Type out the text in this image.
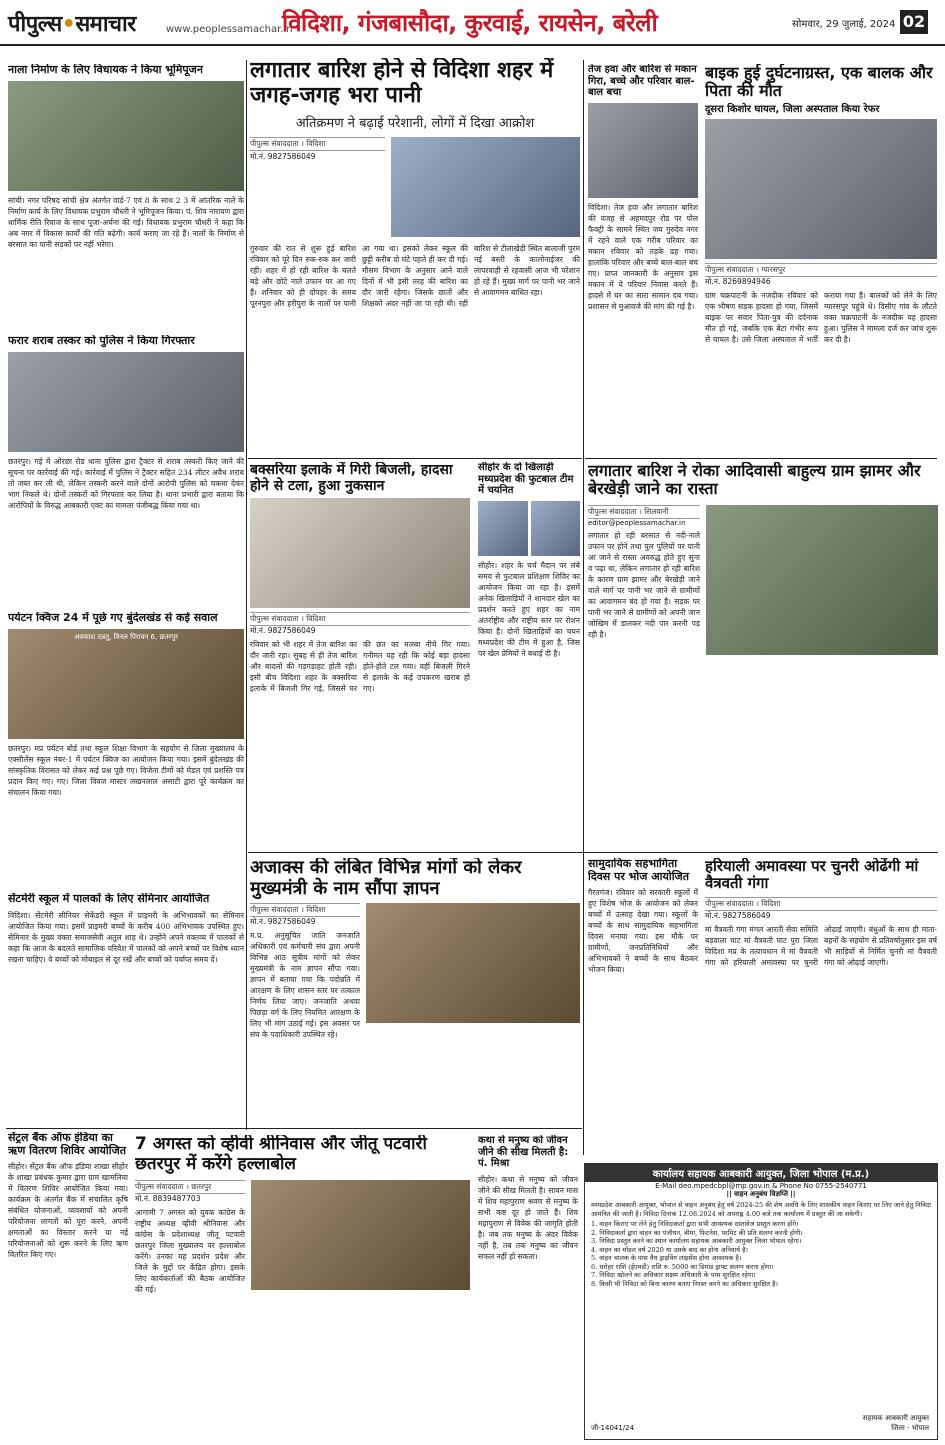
पीपुल्स•समाचार	www.peoplessamachar.in
विदिशा, गंजबासौदा, कुरवाई, रायसेन, बरेली	सोमवार, 29 जुलाई, 2024 02
नाला निर्माण के लिए विधायक ने किया भूमिपूजन
सांची। नगर परिषद सांची क्षेत्र अंतर्गत वार्ड-7 एवं 8 के साथ 2 3 में आंतरिक नाले के निर्माण कार्य के लिए विधायक प्रभुराम चौधरी ने भूमिपूजन किया। पं. शिव नारायण द्वारा धार्मिक रीति रिवाज के साथ पूजा-अर्चना की गई। विधायक प्रभुराम चौधरी ने कहा कि अब नगर में विकास कार्यों की गति बढ़ेगी। कार्य कराए जा रहे हैं। नालों के निर्माण से बरसात का पानी सड़कों पर नहीं भरेगा।
फरार शराब तस्कर को पुलिस ने किया गिरफ्तार
छतरपुर। गई में ओरछा रोड थाना पुलिस द्वारा ट्रैक्टर से शराब तस्करी किए जाने की सूचना पर कार्रवाई की गई। कार्रवाई में पुलिस ने ट्रैक्टर सहित 234 लीटर अवैध शराब तो जब्त कर ली थी, लेकिन तस्करी करने वाले दोनों आरोपी पुलिस को चकमा देकर भाग निकले थे। दोनों तस्करों को गिरफ्तार कर लिया है। थाना प्रभारी द्वारा बताया कि आरोपियों के विरुद्ध आबकारी एक्ट का मामला पंजीबद्ध किया गया था।
पर्यटन क्विज 24 में पूछे गए बुंदेलखंड से कई सवाल
अवकाश दन्नतू, विनल पिरावन 6, छतरपुर
छतरपुर। मप्र पर्यटन बोर्ड तथा स्कूल शिक्षा विभाग के सहयोग से जिला मुख्यालय के एक्सीलेंस स्कूल नंबर-1 में पर्यटन क्विज का आयोजन किया गया। इसमें बुंदेलखंड की सांस्कृतिक विरासत को लेकर कई प्रश्न पूछे गए। विजेता टीमों को मेडल एवं प्रशस्ति पत्र प्रदान किए गए। गए। जिला विवज मास्टर लखनलाल असाटी द्वारा पूरे कार्यक्रम का संचालन किया गया।
सेंटमेरी स्कूल में पालकों के लिए सेमिनार आयोजित
विदिशा। सेंटमेरी सीनियर सेकेंडरी स्कूल में प्राइमरी के अभिभावकों का सेमिनार आयोजित किया गया। इसमें प्राइमरी बच्चों के करीब 400 अभिभावक उपस्थित हुए। सेमिनार के मुख्य वक्ता समाजसेवी अतुल शाह थे। उन्होंने अपने वक्तव्य में पालकों से कहा कि आज के बदलते सामाजिक परिवेश में पालकों को अपने बच्चों पर विशेष ध्यान रखना चाहिए। वे बच्चों को मोबाइल से दूर रखें और बच्चों को पर्याप्त समय दें।
सेंट्रल बैंक ऑफ इंडिया का ऋण वितरण शिविर आयोजित
सीहोर। सेंट्रल बैंक ऑफ इंडिया शाखा सीहोर के शाखा प्रबंधक कुमार द्वारा ग्राम खामलिया में वितरण शिविर आयोजित किया गया। कार्यक्रम के अंतर्गत बैंक में संचालित कृषि संबंधित योजनाओं, व्यवसायों को अपनी परियोजना लागतों को पूरा करने, अपनी क्षमताओं का विस्तार करने या नई परियोजनाओं को शुरू करने के लिए ऋण वितरित किए गए।
लगातार बारिश होने से विदिशा शहर में जगह-जगह भरा पानी
अतिक्रमण ने बढ़ाई परेशानी, लोगों में दिखा आक्रोश
पीपुल्स संवाददाता । विदिशा
मो.नं. 9827586049
गुरुवार की रात से शुरू हुई बारिश रविवार को पूरे दिन रुक-रुक कर जारी रही। शहर में हो रही बारिश के चलते बड़े और छोटे नाले उफान पर आ गए हैं। शनिवार को ही दोपहर के समय पूरनपुरा और हरीपुरा के नालों पर पानी आ गया था। इसको लेकर स्कूल की छुट्टी करीब दो घंटे पहले ही कर दी गई। मौसम विभाग के अनुसार आने वाले दिनों में भी इसी तरह की बारिश का दौर जारी रहेगा। जिसके छातों और शिक्षकों अंदर नहीं जा पा रही थी। रही बारिश से टीलाखेड़ी स्थित बालाजी पुरम नई बस्ती के कालोनाईजर की लापरवाही से रहवासी आज भी परेशान हो रहे हैं। मुख्य मार्ग पर पानी भर जाने से आवागमन बाधित रहा।
तेज हवा और बारिश से मकान गिरा, बच्चे और परिवार बाल-बाल बचा
विदिशा। तेज हवा और लगातार बारिश की वजह से अहमदपुर रोड पर पोल फैक्ट्री के सामने स्थित जय गुरुदेव नगर में रहने वाले एक गरीब परिवार का मकान रविवार को तड़के ढह गया। हालांकि परिवार और बच्चे बाल-बाल बच गए। प्राप्त जानकारी के अनुसार इस मकान में ये परिवार निवास करते हैं। हादसे में घर का सारा सामान दब गया। प्रशासन से मुआवजे की मांग की गई है।
बाइक हुई दुर्घटनाग्रस्त, एक बालक और पिता की मौत
दूसरा किशोर घायल, जिला अस्पताल किया रेफर
पीपुल्स संवाददाता । ग्यारसपुर
मो.नं. 8269894946
ग्राम चक्रपाटनी के नजदीक रविवार को एक भीषण सड़क हादसा हो गया, जिसमें बाइक पर सवार पिता-पुत्र की दर्दनाक मौत हो गई, जबकि एक बेटा गंभीर रूप से घायल है। उसे जिला अस्पताल में भर्ती कराया गया है। बालकों को लेने के लिए ग्यारसपुर पहुंचे थे। दिसीए गांव के लौटते वक्त चक्रपाटनी के नजदीक यह हादसा हुआ। पुलिस ने मामला दर्ज कर जांच शुरू कर दी है।
बक्सरिया इलाके में गिरी बिजली, हादसा होने से टला, हुआ नुकसान
पीपुल्स संवाददाता । विदिशा
मो.नं. 9827586049
रविवार को भी शहर में तेज बारिश का दौर जारी रहा। सुबह से ही तेज बारिश और बादलों की गड़गड़ाहट होती रही। इसी बीच विदिशा शहर के बक्सरिया इलाके में बिजली गिर गई, जिससे घर की छत का मलबा नीचे गिर गया। गनीमत यह रही कि कोई बड़ा हादसा होते-होते टल गया। वहीं बिजली गिरने से इलाके के कई उपकरण खराब हो गए।
सीहोर के दो खिलाड़ी मध्यप्रदेश की फुटबाल टीम में चयनित
सीहोर। शहर के चर्च मैदान पर लंबे समय से फुटबाल प्रशिक्षण शिविर का आयोजन किया जा रहा है। इसमें अनेक खिलाड़ियों ने शानदार खेल का प्रदर्शन करते हुए शहर का नाम अंतर्राष्ट्रीय और राष्ट्रीय स्तर पर रोशन किया है। दोनों खिलाड़ियों का चयन मध्यप्रदेश की टीम में हुआ है, जिस पर खेल प्रेमियों ने बधाई दी है।
लगातार बारिश ने रोका आदिवासी बाहुल्य ग्राम झामर और बेरखेड़ी जाने का रास्ता
पीपुल्स संवाददाता । सिलवानी
editor@peoplessamachar.in
लगातार हो रही बरसात से नदी-नाले उफान पर होने तथा पुल पुलियों पर पानी आ जाने से रास्ता अवरुद्ध होते हुए सुना व पढ़ा था, लेकिन लगातार हो रही बारिश के कारण ग्राम झामर और बेरखेड़ी जाने वाले मार्ग पर पानी भर जाने से ग्रामीणों का आवागमन बंद हो गया है। सड़क पर पानी भर जाने से ग्रामीणों को अपनी जान जोखिम में डालकर नदी पार करनी पड़ रही है।
अजाक्स की लंबित विभिन्न मांगों को लेकर मुख्यमंत्री के नाम सौंपा ज्ञापन
पीपुल्स संवाददाता । विदिशा
मो.नं. 9827586049
म.प्र. अनुसूचित जाति जनजाति अधिकारी एवं कर्मचारी संघ द्वारा अपनी विभिन्न आठ सूत्रीय मांगों को लेकर मुख्यमंत्री के नाम ज्ञापन सौंपा गया। ज्ञापन में बताया गया कि पदोन्नति में आरक्षण के लिए शासन स्तर पर तत्काल निर्णय लिया जाए। जनजाति अथवा पिछड़ा वर्ग के लिए नियमित आरक्षण के लिए भी मांग उठाई गई। इस अवसर पर संघ के पदाधिकारी उपस्थित रहे।
सामुदायिक सहभागिता दिवस पर भोज आयोजित
गैरतगंज। रविवार को सरकारी स्कूलों में हुए विशेष भोज के आयोजन को लेकर बच्चों में उत्साह देखा गया। स्कूलों के बच्चों के साथ सामुदायिक सहभागिता दिवस मनाया गया। इस मौके पर ग्रामीणों, जनप्रतिनिधियों और अभिभावकों ने बच्चों के साथ बैठकर भोजन किया।
हरियाली अमावस्या पर चुनरी ओढेंगी मां वैत्रवती गंगा
पीपुल्स संवाददाता । विदिशा
मो.नं. 9827586049
मां वैत्रवती गंगा मंगल आरती सेवा समिति बड़वाला घाट मां वैत्रवती घाट पुरा जिला विदिशा मप्र के तत्वावधान में मां वैत्रवती गंगा को हरियाली अमावस्या पर चुनरी ओढ़ाई जाएगी। बंधुओं के साथ ही माता-बहनों के सहयोग से प्रतिवर्षानुसार इस वर्ष भी साड़ियों से निर्मित चुनरी मां वैत्रवती गंगा को ओढ़ाई जाएगी।
7 अगस्त को व्हीवी श्रीनिवास और जीतू पटवारी छतरपुर में करेंगे हल्लाबोल
पीपुल्स संवाददाता । छतरपुर
मो.नं. 8839487703
आगामी 7 अगस्त को युवक कांग्रेस के राष्ट्रीय अध्यक्ष व्हीवी श्रीनिवास और कांग्रेस के प्रदेशाध्यक्ष जीतू पटवारी छतरपुर जिला मुख्यालय पर हल्लाबोल करेंगे। उनका यह प्रदर्शन प्रदेश और जिले के मुद्दों पर केंद्रित होगा। इसके लिए कार्यकर्ताओं की बैठक आयोजित की गई।
कथा से मनुष्य को जीवन जीने की सीख मिलती है: पं. मिश्रा
सीहोर। कथा से मनुष्य को जीवन जीने की सीख मिलती है। सावन मास में शिव महापुराण श्रवण से मनुष्य के सभी कष्ट दूर हो जाते हैं। शिव महापुराण से विवेक की जागृति होती है। जब तक मनुष्य के अंदर विवेक नहीं है, तब तक मनुष्य का जीवन सफल नहीं हो सकता।
कार्यालय सहायक आबकारी आयुक्त, जिला भोपाल (म.प्र.)
E-Mail deo.mpedcbpl@mp.gov.in & Phone No 0755-2540771
|| वाहन अनुबंध विज्ञप्ति ||
मध्यप्रदेश आबकारी आयुक्त, भोपाल से वाहन अनुबंध हेतु वर्ष 2024-25 की शेष अवधि के लिए शासकीय वाहन किराए पर लिए जाने हेतु निविदा आमंत्रित की जाती है। निविदा दिनांक 12.08.2024 को अपराह्न 4.00 बजे तक कार्यालय में प्रस्तुत की जा सकेगी।
1. वाहन किराए पर लेने हेतु निविदाकर्ता द्वारा सभी आवश्यक दस्तावेज प्रस्तुत करना होंगे।
2. निविदाकर्ता द्वारा वाहन का पंजीयन, बीमा, फिटनेस, परमिट की प्रति संलग्न करनी होगी।
3. निविदा प्रस्तुत करने का स्थान कार्यालय सहायक आबकारी आयुक्त जिला भोपाल रहेगा।
4. वाहन का मॉडल वर्ष 2020 या उसके बाद का होना अनिवार्य है।
5. वाहन चालक के पास वैध ड्राइविंग लाइसेंस होना आवश्यक है।
6. धरोहर राशि (ईएमडी) राशि रु. 5000 का डिमांड ड्राफ्ट संलग्न करना होगा।
7. निविदा खोलने का अधिकार सक्षम अधिकारी के पास सुरक्षित रहेगा।
8. किसी भी निविदा को बिना कारण बताए निरस्त करने का अधिकार सुरक्षित है।
जी-14041/24
सहायक आबकारी आयुक्त
जिला - भोपाल
